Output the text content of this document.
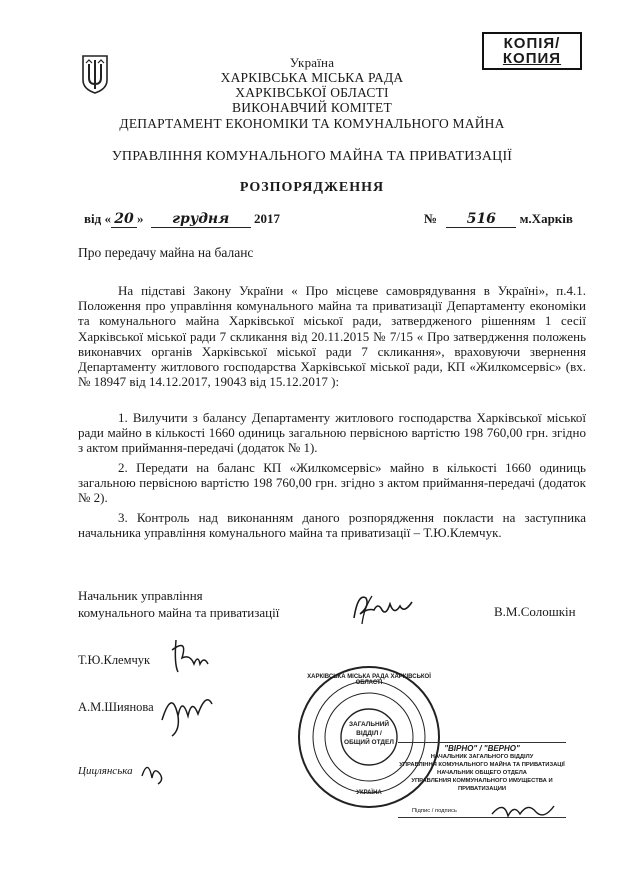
КОПІЯ/
КОПИЯ
Україна
ХАРКІВСЬКА МІСЬКА РАДА
ХАРКІВСЬКОЇ ОБЛАСТІ
ВИКОНАВЧИЙ КОМІТЕТ
ДЕПАРТАМЕНТ ЕКОНОМІКИ ТА КОМУНАЛЬНОГО МАЙНА
УПРАВЛІННЯ КОМУНАЛЬНОГО МАЙНА ТА ПРИВАТИЗАЦІЇ
РОЗПОРЯДЖЕННЯ
від « 20 » грудня 2017	№ 516 м.Харків
Про передачу майна на баланс
На підставі Закону України « Про місцеве самоврядування в Україні», п.4.1. Положення про управління комунального майна та приватизації Департаменту економіки та комунального майна Харківської міської ради, затвердженого рішенням 1 сесії Харківської міської ради 7 скликання від 20.11.2015 № 7/15 « Про затвердження положень виконавчих органів Харківської міської ради 7 скликання», враховуючи звернення Департаменту житлового господарства Харківської міської ради, КП «Жилкомсервіс» (вх. № 18947 від 14.12.2017, 19043 від 15.12.2017 ):
1. Вилучити з балансу Департаменту житлового господарства Харківської міської ради майно в кількості 1660 одиниць загальною первісною вартістю 198 760,00 грн. згідно з актом приймання-передачі (додаток № 1).
2. Передати на баланс КП «Жилкомсервіс» майно в кількості 1660 одиниць загальною первісною вартістю 198 760,00 грн. згідно з актом приймання-передачі (додаток № 2).
3. Контроль над виконанням даного розпорядження покласти на заступника начальника управління комунального майна та приватизації – Т.Ю.Клемчук.
Начальник управління
комунального майна та приватизації	В.М.Солошкін
Т.Ю.Клемчук
А.М.Шиянова
Цицлянська
ХАРКІВСЬКА МІСЬКА РАДА ХАРКІВСЬКОЇ ОБЛАСТІ
ЗАГАЛЬНИЙ ВІДДІЛ / ОБЩИЙ ОТДЕЛ
УКРАЇНА
"ВІРНО" / "ВЕРНО"
НАЧАЛЬНИК ЗАГАЛЬНОГО ВІДДІЛУ
УПРАВЛІННЯ КОМУНАЛЬНОГО МАЙНА ТА ПРИВАТИЗАЦІЇ
НАЧАЛЬНИК ОБЩЕГО ОТДЕЛА
УПРАВЛЕНИЯ КОММУНАЛЬНОГО ИМУЩЕСТВА И ПРИВАТИЗАЦИИ
Підпис / подпись
